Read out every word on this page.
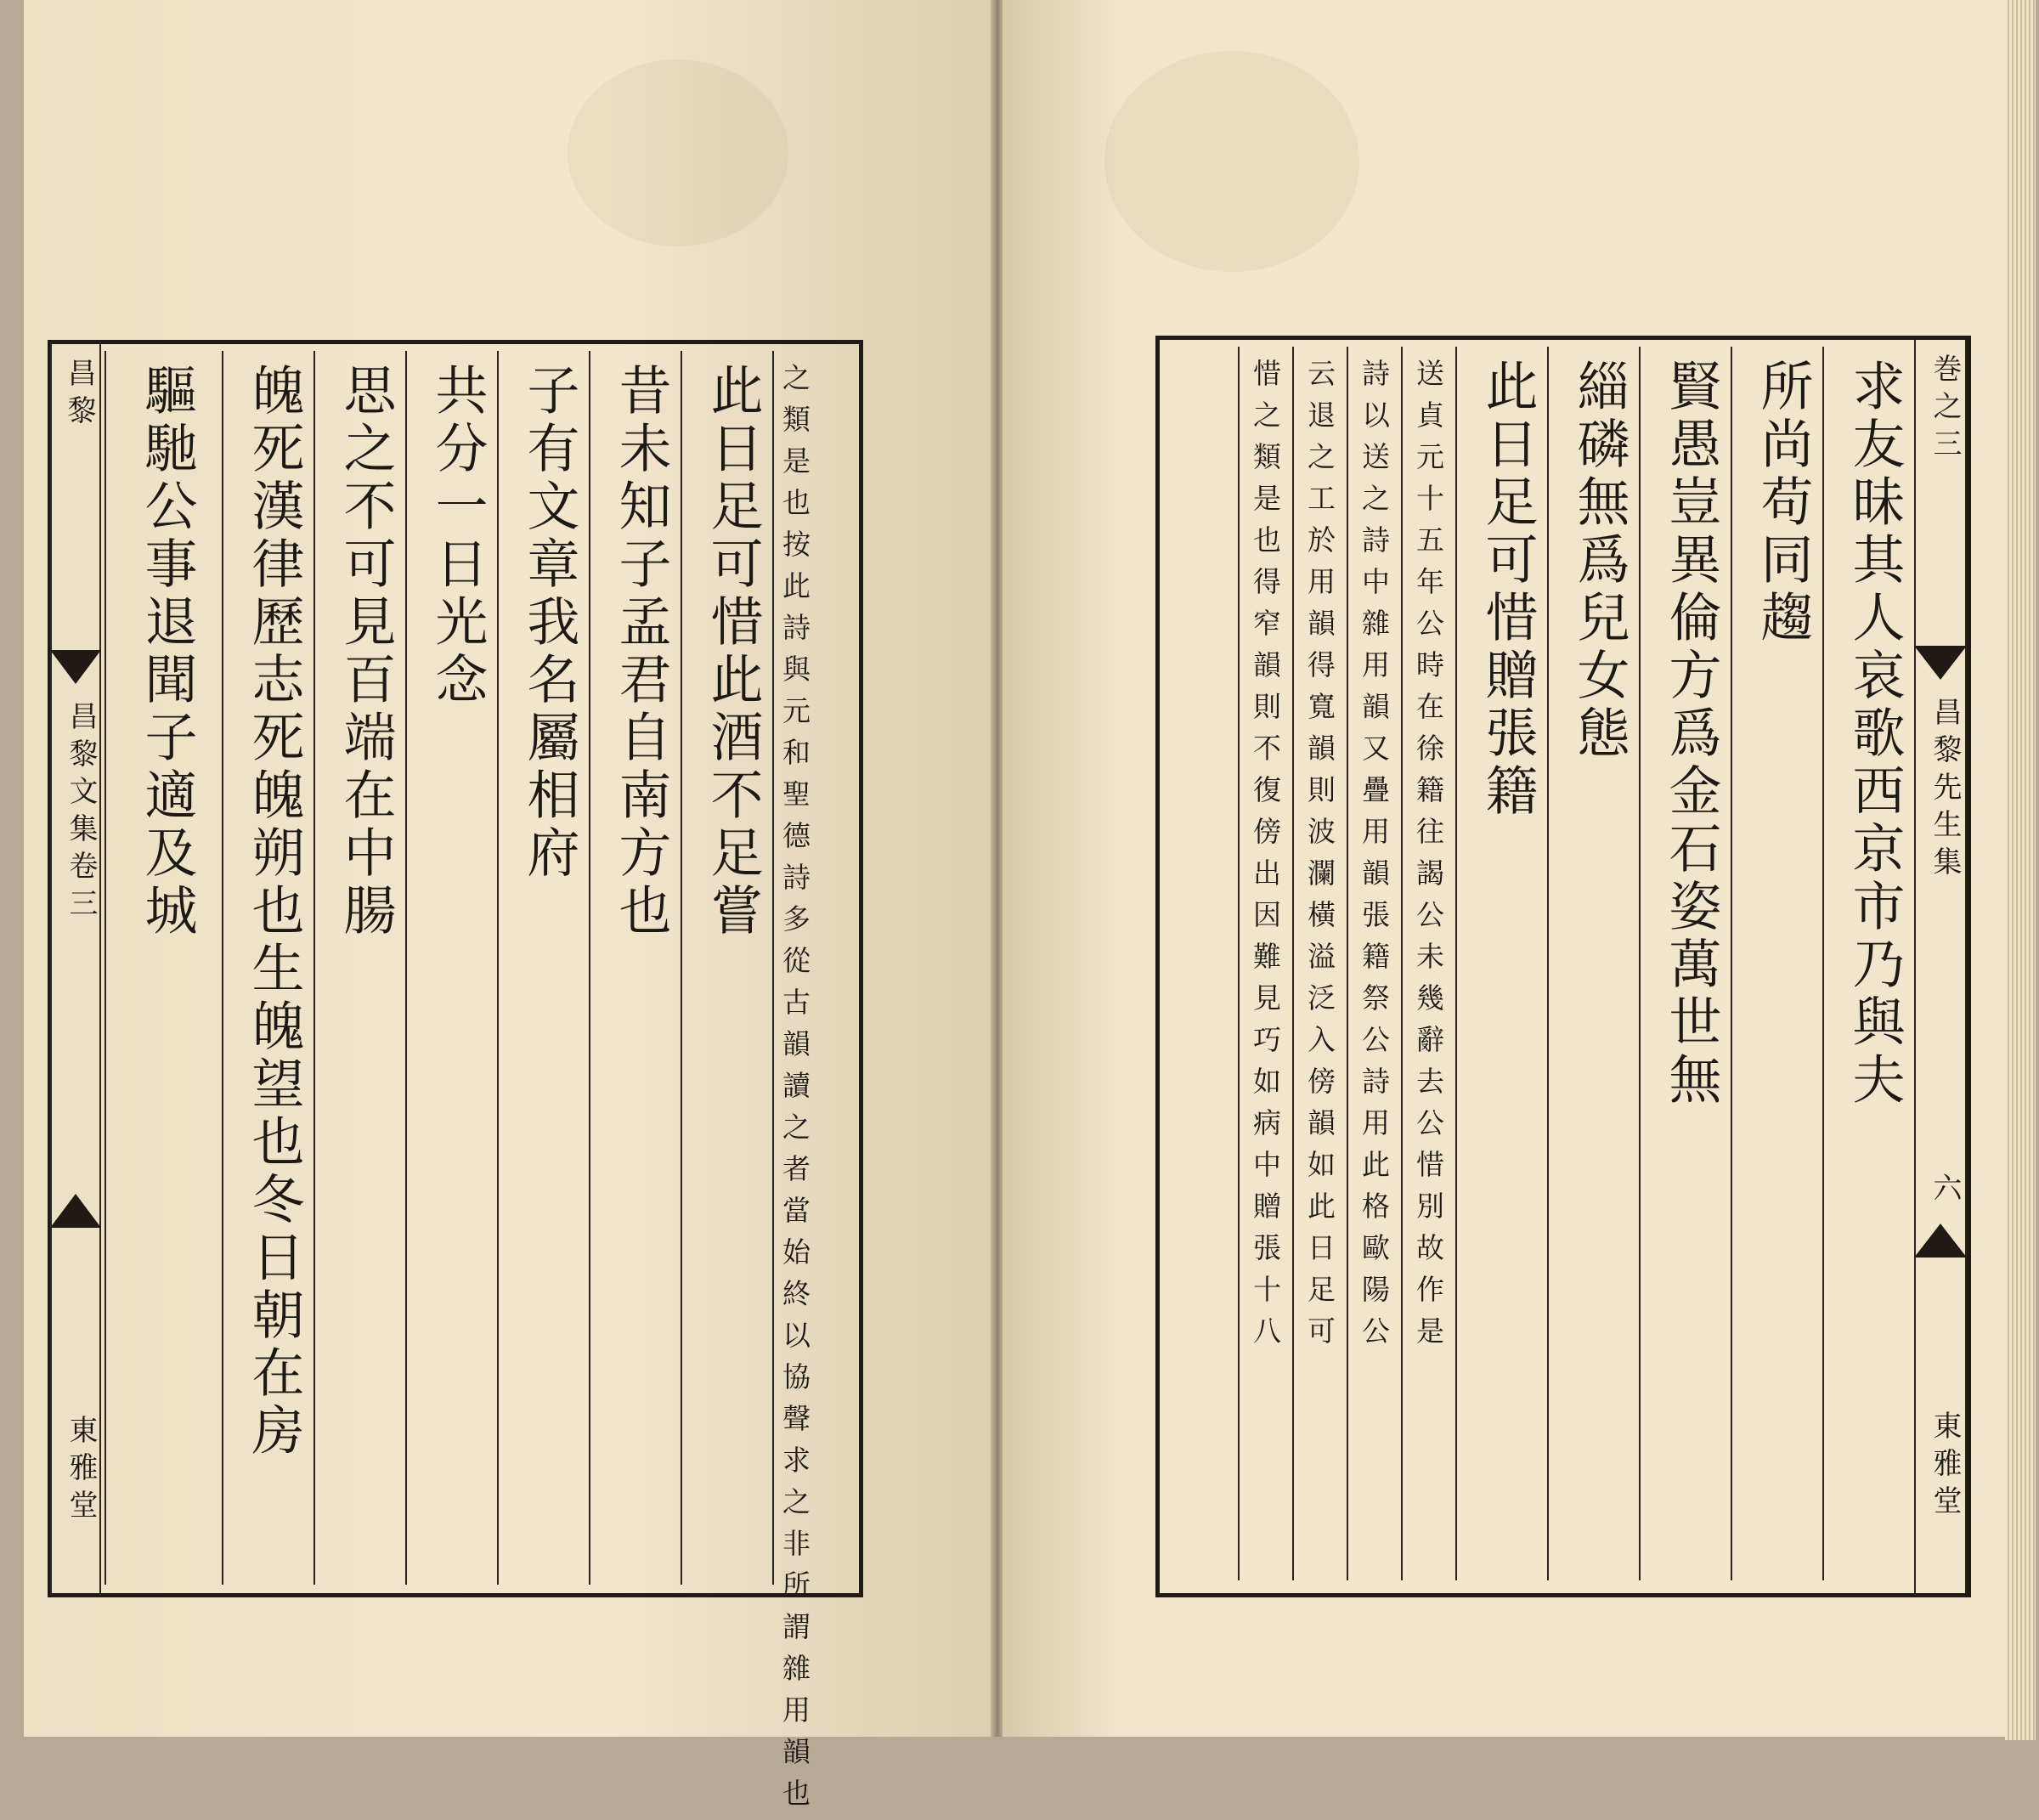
昌黎
昌黎文集卷三
東雅堂	之類是也按此詩與元和聖德詩多從古韻讀之者當始終以協聲求之非所謂雜用韻也
此日足可惜此酒不足嘗
昔未知子孟君自南方也
子有文章我名屬相府
共分一日光念
思之不可見百端在中腸
魄死漢律歷志死魄朔也生魄望也冬日朝在房
驅馳公事退聞子適及城	巻之三
昌黎先生集
六
東雅堂
求友昧其人哀歌西京市乃與夫
所尚苟同趨
賢愚豈異倫方爲金石姿萬世無
緇磷無爲兒女態
此日足可惜贈張籍
送貞元十五年公時在徐籍往謁公未幾辭去公惜別故作是
詩以送之詩中雜用韻又疊用韻張籍祭公詩用此格歐陽公
云退之工於用韻得寬韻則波瀾橫溢泛入傍韻如此日足可
惜之類是也得窄韻則不復傍出因難見巧如病中贈張十八
